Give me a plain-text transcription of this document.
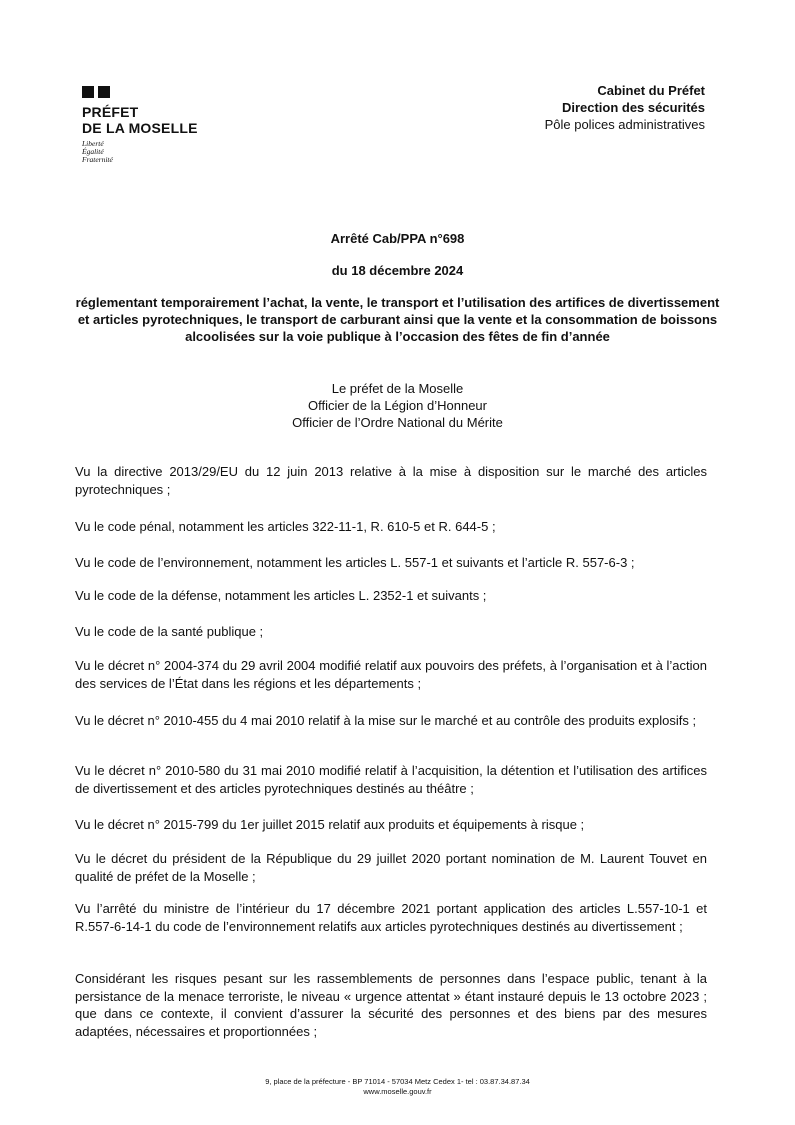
PRÉFET
DE LA MOSELLE
Liberté
Égalité
Fraternité
Cabinet du Préfet
Direction des sécurités
Pôle polices administratives
Arrêté Cab/PPA n°698
du 18 décembre 2024
réglementant temporairement l’achat, la vente, le transport et l’utilisation des artifices de divertissement et articles pyrotechniques, le transport de carburant ainsi que la vente et la consommation de boissons alcoolisées sur la voie publique à l’occasion des fêtes de fin d’année
Le préfet de la Moselle
Officier de la Légion d’Honneur
Officier de l’Ordre National du Mérite
Vu la directive 2013/29/EU du 12 juin 2013 relative à la mise à disposition sur le marché des articles pyrotechniques ;
Vu le code pénal, notamment les articles 322-11-1, R. 610-5 et R. 644-5 ;
Vu le code de l’environnement, notamment les articles L. 557-1 et suivants et l’article R. 557-6-3 ;
Vu le code de la défense, notamment les articles L. 2352-1 et suivants ;
Vu le code de la santé publique ;
Vu le décret n° 2004-374 du 29 avril 2004 modifié relatif aux pouvoirs des préfets, à l’organisation et à l’action des services de l’État dans les régions et les départements ;
Vu le décret n° 2010-455 du 4 mai 2010 relatif à la mise sur le marché et au contrôle des produits explosifs ;
Vu le décret n° 2010-580 du 31 mai 2010 modifié relatif à l’acquisition, la détention et l’utilisation des artifices de divertissement et des articles pyrotechniques destinés au théâtre ;
Vu le décret n° 2015-799 du 1er juillet 2015 relatif aux produits et équipements à risque ;
Vu le décret du président de la République du 29 juillet 2020 portant nomination de M. Laurent Touvet en qualité de préfet de la Moselle ;
Vu l’arrêté du ministre de l’intérieur du 17 décembre 2021 portant application des articles L.557-10-1 et R.557-6-14-1 du code de l’environnement relatifs aux articles pyrotechniques destinés au divertissement ;
Considérant les risques pesant sur les rassemblements de personnes dans l’espace public, tenant à la persistance de la menace terroriste, le niveau « urgence attentat » étant instauré depuis le 13 octobre 2023 ; que dans ce contexte, il convient d’assurer la sécurité des personnes et des biens par des mesures adaptées, nécessaires et proportionnées ;
9, place de la préfecture - BP 71014 - 57034 Metz Cedex 1- tel : 03.87.34.87.34
www.moselle.gouv.fr
